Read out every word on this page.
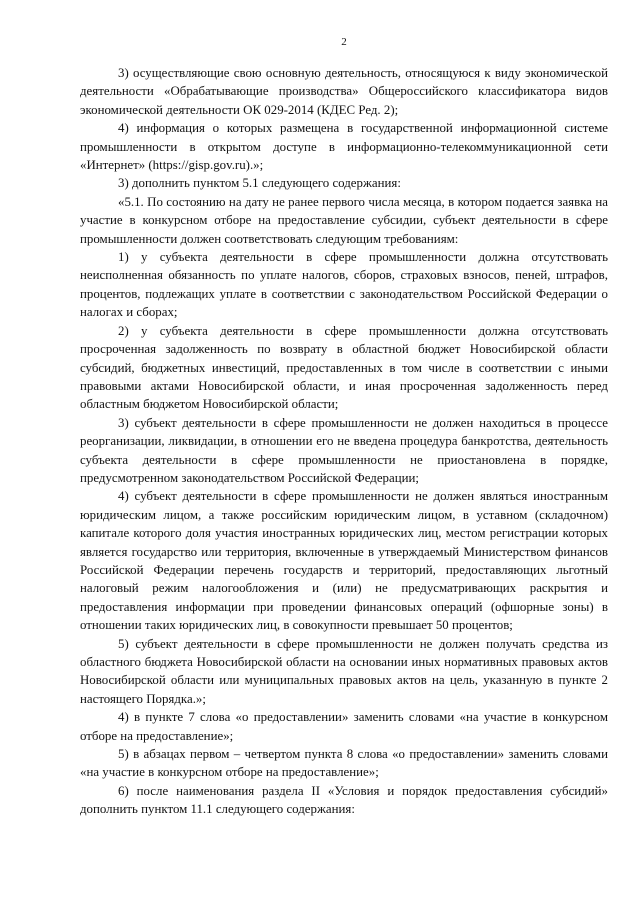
2

3) осуществляющие свою основную деятельность, относящуюся к виду экономической деятельности «Обрабатывающие производства» Общероссийского классификатора видов экономической деятельности ОК 029-2014 (КДЕС Ред. 2);

4) информация о которых размещена в государственной информационной системе промышленности в открытом доступе в информационно-телекоммуникационной сети «Интернет» (https://gisp.gov.ru).»;

3) дополнить пунктом 5.1 следующего содержания:

«5.1. По состоянию на дату не ранее первого числа месяца, в котором подается заявка на участие в конкурсном отборе на предоставление субсидии, субъект деятельности в сфере промышленности должен соответствовать следующим требованиям:

1) у субъекта деятельности в сфере промышленности должна отсутствовать неисполненная обязанность по уплате налогов, сборов, страховых взносов, пеней, штрафов, процентов, подлежащих уплате в соответствии с законодательством Российской Федерации о налогах и сборах;

2) у субъекта деятельности в сфере промышленности должна отсутствовать просроченная задолженность по возврату в областной бюджет Новосибирской области субсидий, бюджетных инвестиций, предоставленных в том числе в соответствии с иными правовыми актами Новосибирской области, и иная просроченная задолженность перед областным бюджетом Новосибирской области;

3) субъект деятельности в сфере промышленности не должен находиться в процессе реорганизации, ликвидации, в отношении его не введена процедура банкротства, деятельность субъекта деятельности в сфере промышленности не приостановлена в порядке, предусмотренном законодательством Российской Федерации;

4) субъект деятельности в сфере промышленности не должен являться иностранным юридическим лицом, а также российским юридическим лицом, в уставном (складочном) капитале которого доля участия иностранных юридических лиц, местом регистрации которых является государство или территория, включенные в утверждаемый Министерством финансов Российской Федерации перечень государств и территорий, предоставляющих льготный налоговый режим налогообложения и (или) не предусматривающих раскрытия и предоставления информации при проведении финансовых операций (офшорные зоны) в отношении таких юридических лиц, в совокупности превышает 50 процентов;

5) субъект деятельности в сфере промышленности не должен получать средства из областного бюджета Новосибирской области на основании иных нормативных правовых актов Новосибирской области или муниципальных правовых актов на цель, указанную в пункте 2 настоящего Порядка.»;

4) в пункте 7 слова «о предоставлении» заменить словами «на участие в конкурсном отборе на предоставление»;

5) в абзацах первом – четвертом пункта 8 слова «о предоставлении» заменить словами «на участие в конкурсном отборе на предоставление»;

6) после наименования раздела II «Условия и порядок предоставления субсидий» дополнить пунктом 11.1 следующего содержания:
